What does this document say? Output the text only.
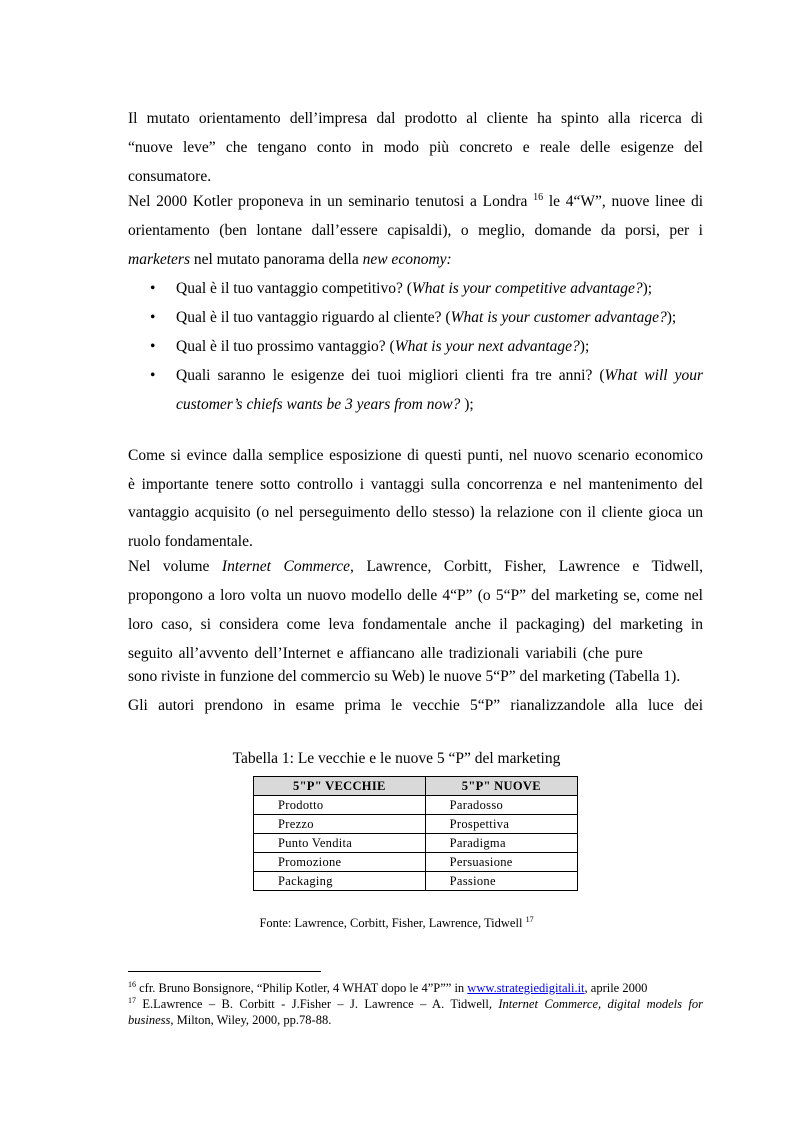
Il mutato orientamento dell’impresa dal prodotto al cliente ha spinto alla ricerca di
“nuove leve” che tengano conto in modo più concreto e reale delle esigenze del
consumatore.
Nel 2000 Kotler proponeva in un seminario tenutosi a Londra $^{16}$ le 4“W”, nuove linee di
orientamento (ben lontane dall’essere capisaldi), o meglio, domande da porsi, per i
marketers nel mutato panorama della new economy:
•	Qual è il tuo vantaggio competitivo? (What is your competitive advantage?);
•	Qual è il tuo vantaggio riguardo al cliente? (What is your customer advantage?);
•	Qual è il tuo prossimo vantaggio? (What is your next advantage?);
•	Quali saranno le esigenze dei tuoi migliori clienti fra tre anni? (What will your
customer’s chiefs wants be 3 years from now? );
Come si evince dalla semplice esposizione di questi punti, nel nuovo scenario economico
è importante tenere sotto controllo i vantaggi sulla concorrenza e nel mantenimento del
vantaggio acquisito (o nel perseguimento dello stesso) la relazione con il cliente gioca un
ruolo fondamentale.
Nel volume Internet Commerce, Lawrence, Corbitt, Fisher, Lawrence e Tidwell,
propongono a loro volta un nuovo modello delle 4“P” (o 5“P” del marketing se, come nel
loro caso, si considera come leva fondamentale anche il packaging) del marketing in
seguito all’avvento dell’Internet e affiancano alle tradizionali variabili (che pure
sono riviste in funzione del commercio su Web) le nuove 5“P” del marketing (Tabella 1).
Gli autori prendono in esame prima le vecchie 5“P” rianalizzandole alla luce dei
Tabella 1: Le vecchie e le nuove 5 “P” del marketing
5"P" VECCHIE	5"P" NUOVE
Prodotto	Paradosso
Prezzo	Prospettiva
Punto Vendita	Paradigma
Promozione	Persuasione
Packaging	Passione
Fonte: Lawrence, Corbitt, Fisher, Lawrence, Tidwell $^{17}$
$^{16}$ cfr. Bruno Bonsignore, “Philip Kotler, 4 WHAT dopo le 4”P”” in www.strategiedigitali.it, aprile 2000
$^{17}$ E.Lawrence – B. Corbitt - J.Fisher – J. Lawrence – A. Tidwell, Internet Commerce, digital models for
business, Milton, Wiley, 2000, pp.78-88.
